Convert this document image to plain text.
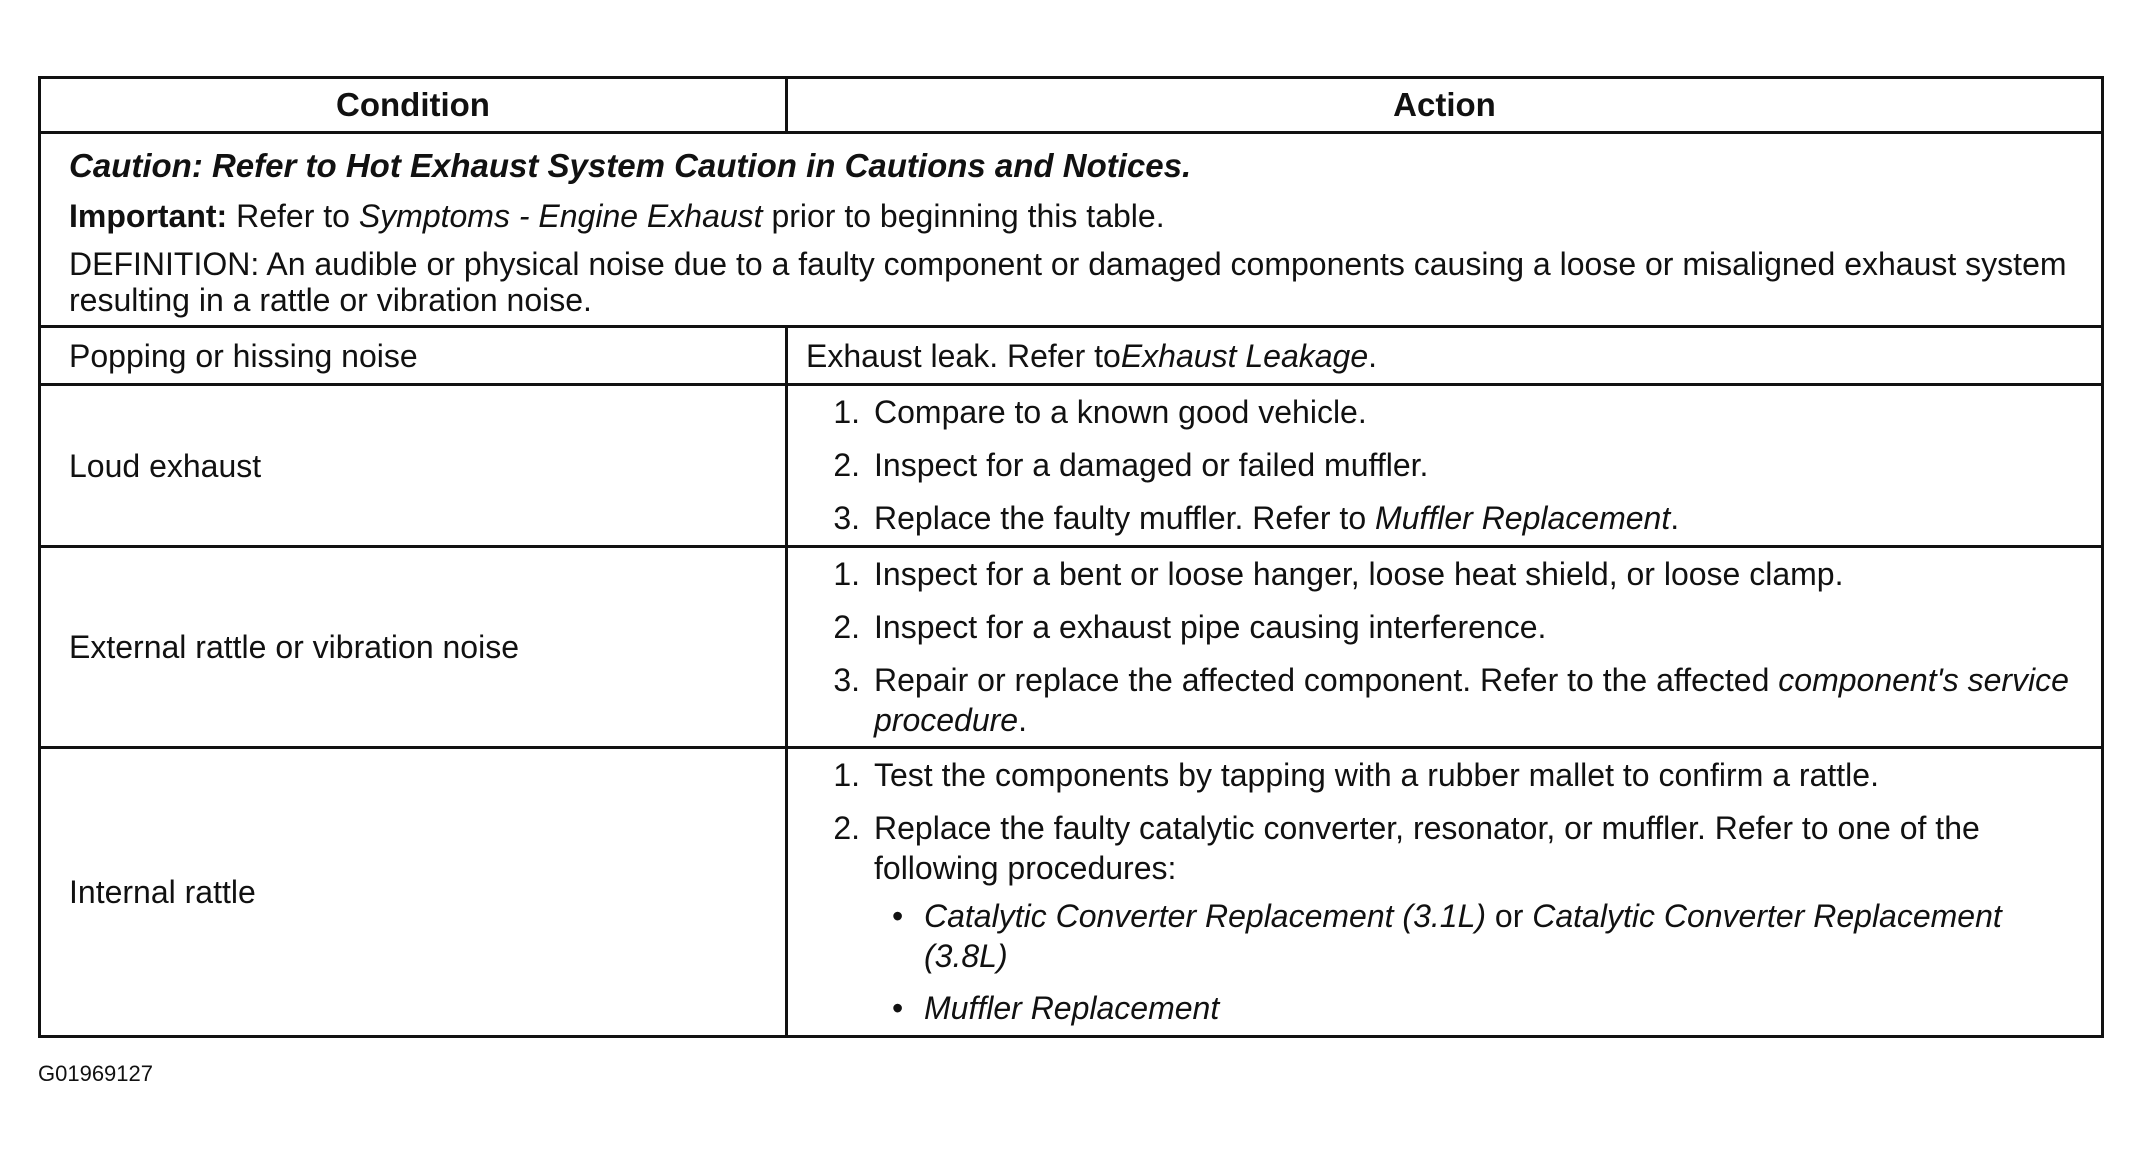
Condition	Action
Caution: Refer to Hot Exhaust System Caution in Cautions and Notices.
Important: Refer to Symptoms - Engine Exhaust prior to beginning this table.
DEFINITION: An audible or physical noise due to a faulty component or damaged components causing a loose or misaligned exhaust system resulting in a rattle or vibration noise.
Popping or hissing noise	Exhaust leak. Refer to Exhaust Leakage .
Loud exhaust
1. Compare to a known good vehicle.
2. Inspect for a damaged or failed muffler.
3. Replace the faulty muffler. Refer to Muffler Replacement.
External rattle or vibration noise
1. Inspect for a bent or loose hanger, loose heat shield, or loose clamp.
2. Inspect for a exhaust pipe causing interference.
3. Repair or replace the affected component. Refer to the affected component's service procedure.
Internal rattle
1. Test the components by tapping with a rubber mallet to confirm a rattle.
2. Replace the faulty catalytic converter, resonator, or muffler. Refer to one of the following procedures:
• Catalytic Converter Replacement (3.1L) or Catalytic Converter Replacement (3.8L)
• Muffler Replacement
G01969127
